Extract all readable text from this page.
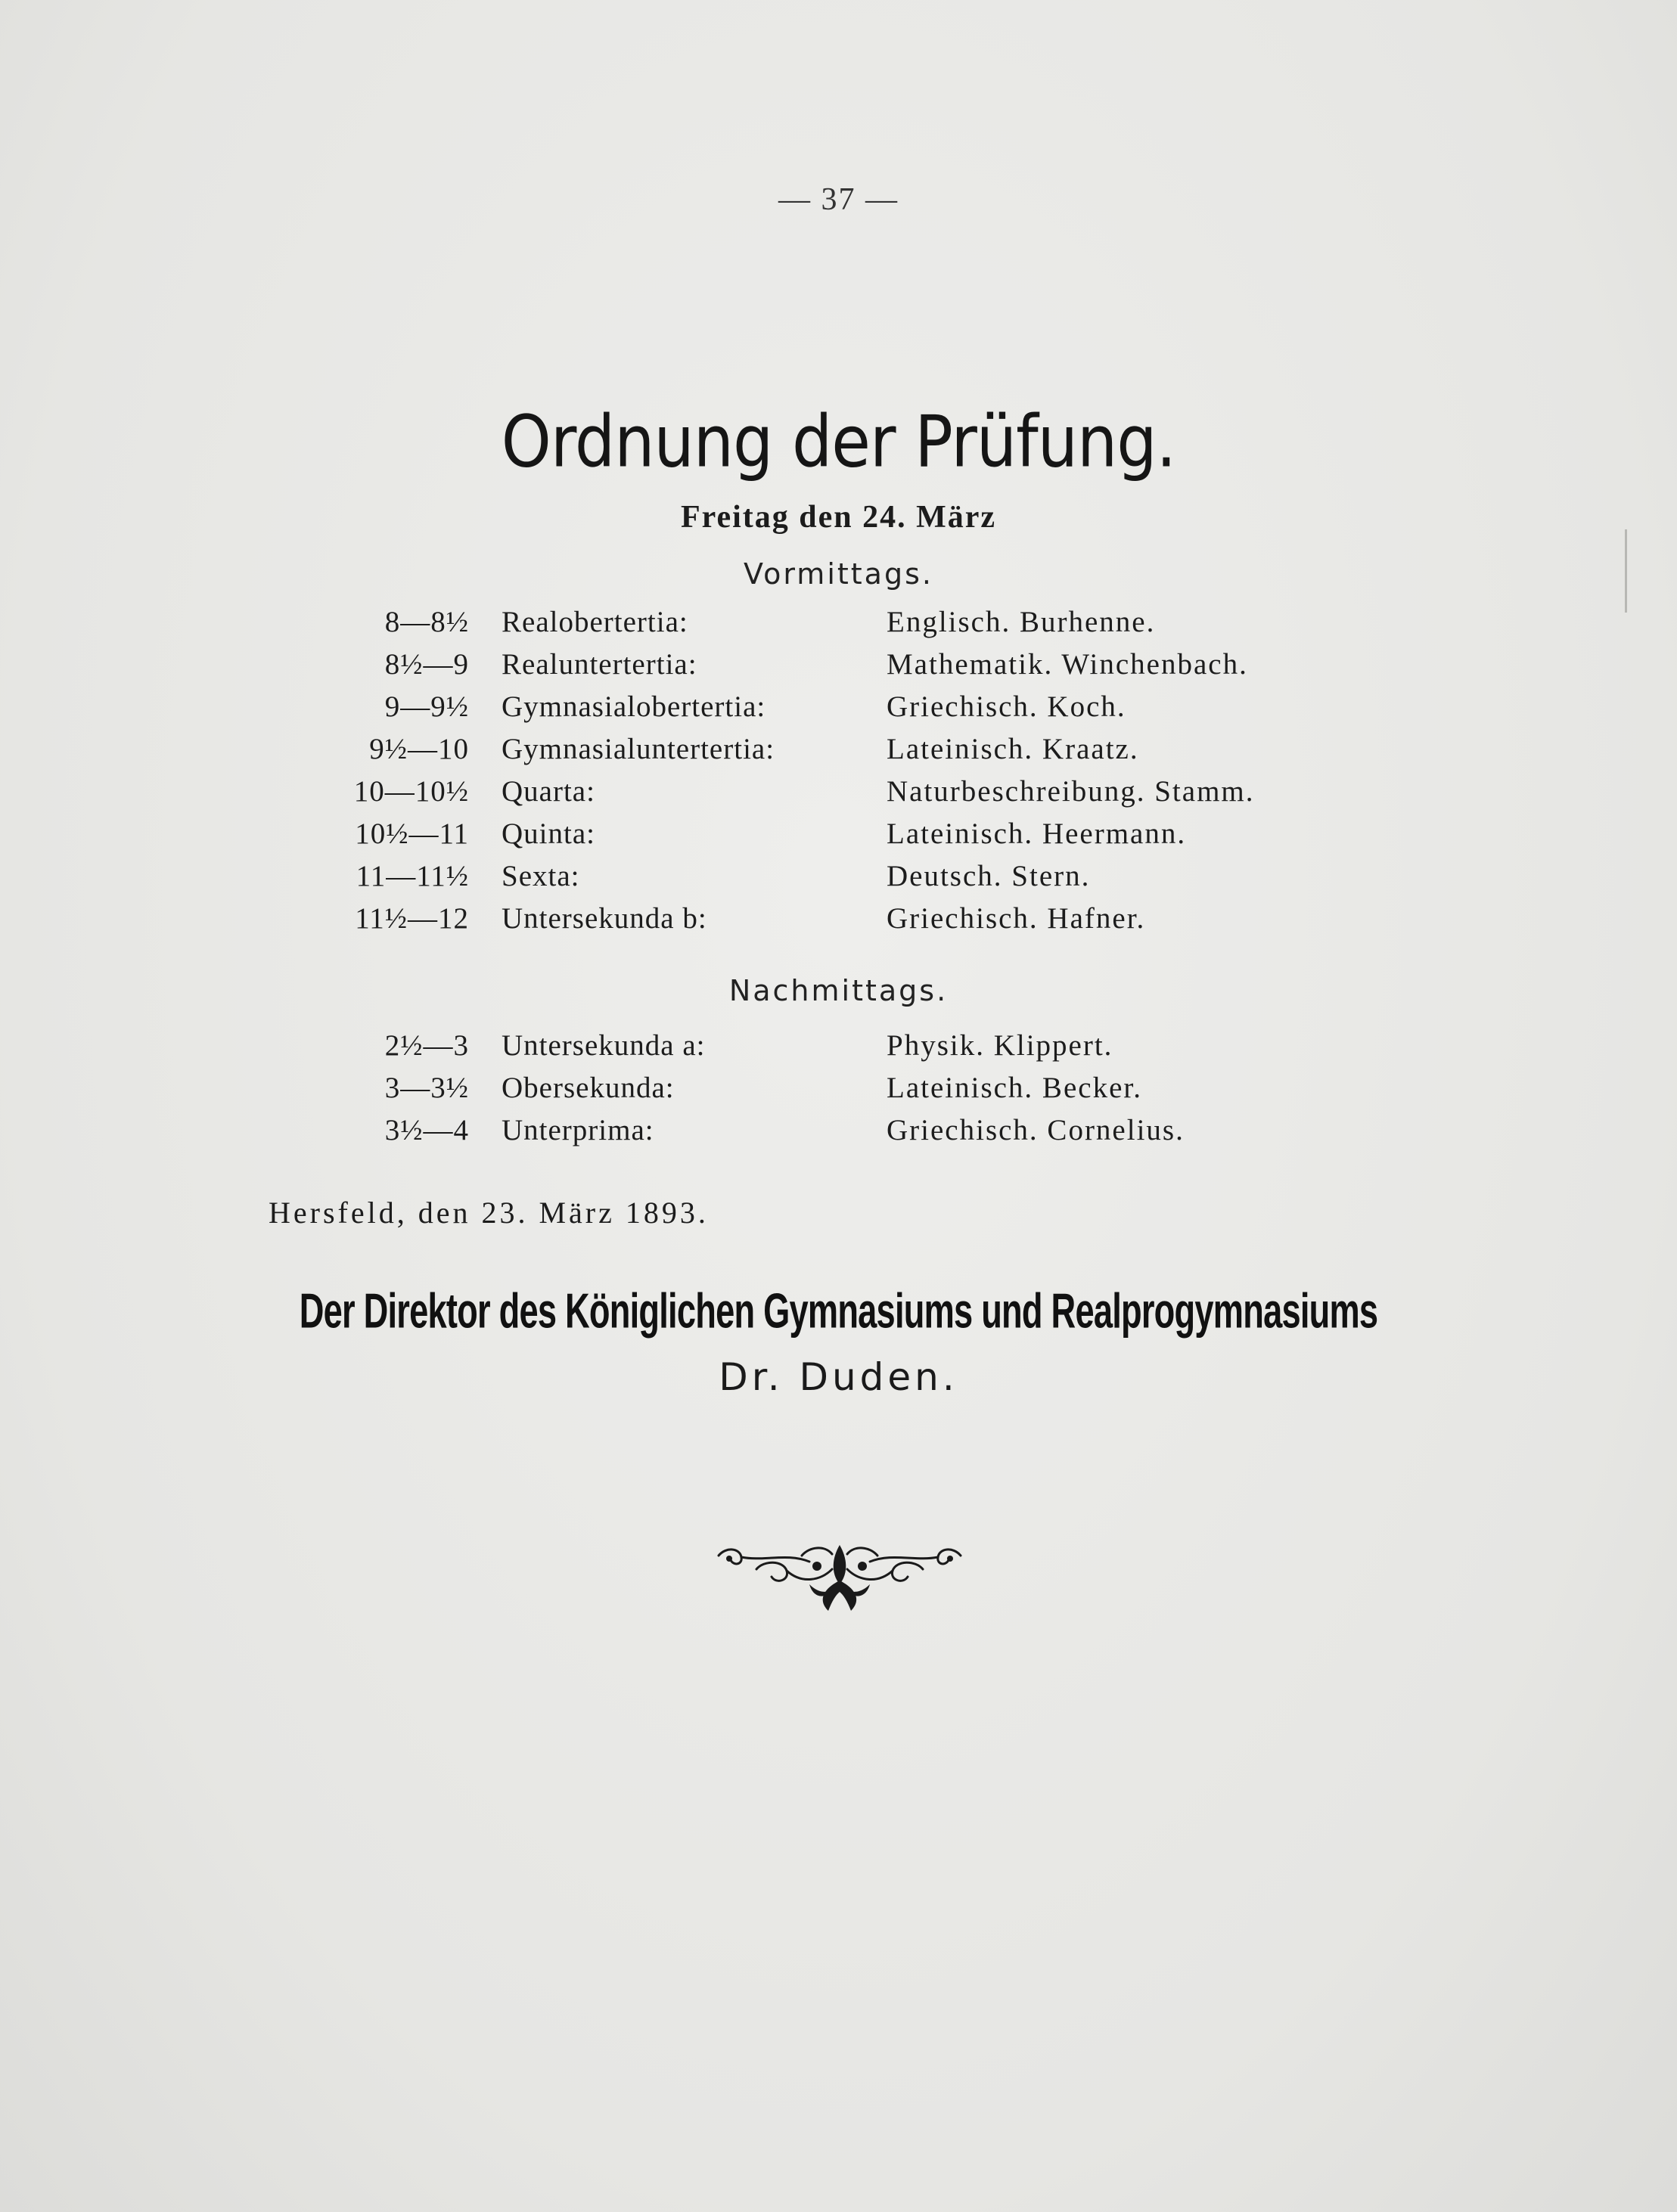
— 37 —
Ordnung der Prüfung.
Freitag den 24. März
Vormittags.
8—8½ Realobertertia:	Englisch. Burhenne.
8½—9 Realuntertertia:	Mathematik. Winchenbach.
9—9½ Gymnasialobertertia:	Griechisch. Koch.
9½—10 Gymnasialuntertertia:	Lateinisch. Kraatz.
10—10½ Quarta:	Naturbeschreibung. Stamm.
10½—11 Quinta:	Lateinisch. Heermann.
11—11½ Sexta:	Deutsch. Stern.
11½—12 Untersekunda b:	Griechisch. Hafner.
Nachmittags.
2½—3 Untersekunda a:	Physik. Klippert.
3—3½ Obersekunda:	Lateinisch. Becker.
3½—4 Unterprima:	Griechisch. Cornelius.
Hersfeld, den 23. März 1893.
Der Direktor des Königlichen Gymnasiums und Realprogymnasiums
Dr. Duden.
